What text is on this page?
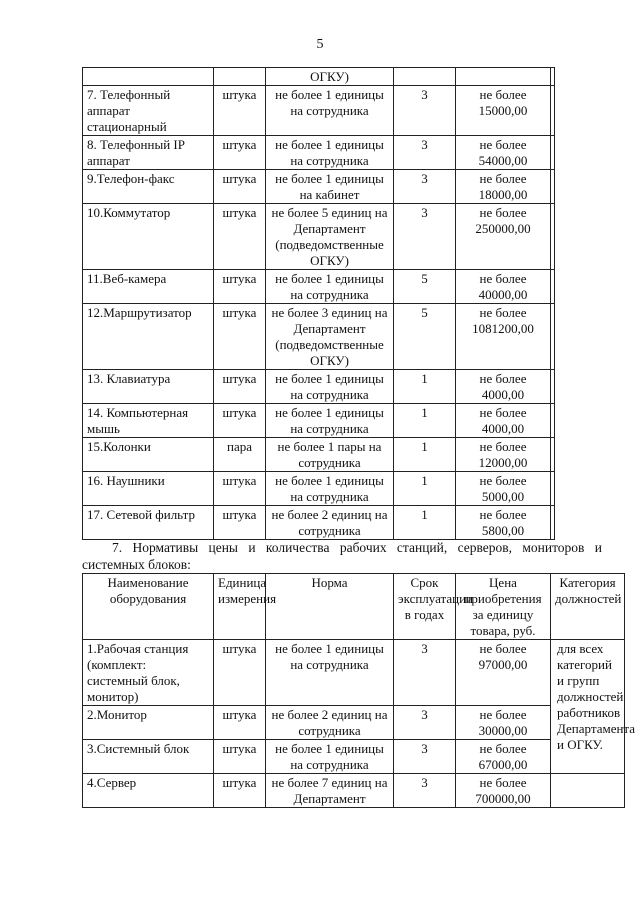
5
		ОГКУ)			
7. Телефонный аппарат стационарный	штука	не более 1 единицы на сотрудника	3	не более 15000,00	
8. Телефонный IP аппарат	штука	не более 1 единицы на сотрудника	3	не более 54000,00	
9.Телефон-факс	штука	не более 1 единицы на кабинет	3	не более 18000,00	
10.Коммутатор	штука	не более 5 единиц на Департамент (подведомственные ОГКУ)	3	не более 250000,00	
11.Веб-камера	штука	не более 1 единицы на сотрудника	5	не более 40000,00	
12.Маршрутизатор	штука	не более 3 единиц на Департамент (подведомственные ОГКУ)	5	не более 1081200,00	
13. Клавиатура	штука	не более 1 единицы на сотрудника	1	не более 4000,00	
14. Компьютерная мышь	штука	не более 1 единицы на сотрудника	1	не более 4000,00	
15.Колонки	пара	не более 1 пары на сотрудника	1	не более 12000,00	
16. Наушники	штука	не более 1 единицы на сотрудника	1	не более 5000,00	
17. Сетевой фильтр	штука	не более 2 единиц на сотрудника	1	не более 5800,00	
7. Нормативы цены и количества рабочих станций, серверов, мониторов и системных блоков:
Наименование оборудования	Единица измерения	Норма	Срок эксплуатации в годах	Цена приобретения за единицу товара, руб.	Категория должностей
1.Рабочая станция (комплект: системный блок, монитор)	штука	не более 1 единицы на сотрудника	3	не более 97000,00	для всех категорий и групп должностей работников Департамента и ОГКУ.
2.Монитор	штука	не более 2 единиц на сотрудника	3	не более 30000,00	
3.Системный блок	штука	не более 1 единицы на сотрудника	3	не более 67000,00	
4.Сервер	штука	не более 7 единиц на Департамент	3	не более 700000,00	
